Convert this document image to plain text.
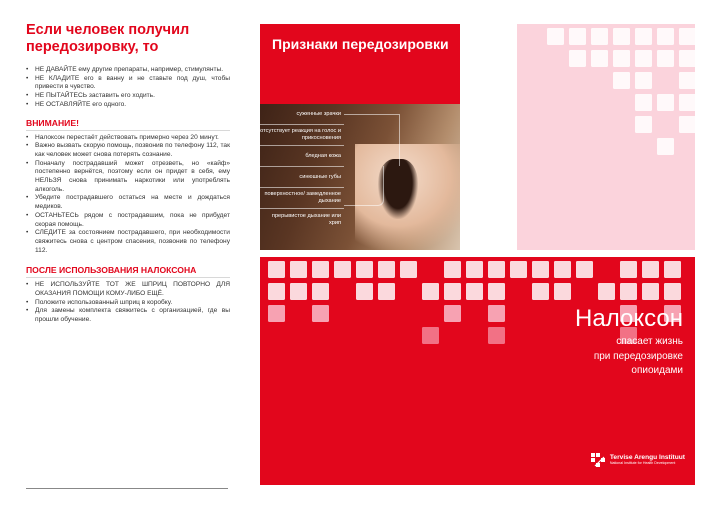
Если человек получил передозировку, то
• НЕ ДАВАЙТЕ ему другие препараты, например, стимулянты.
• НЕ КЛАДИТЕ его в ванну и не ставьте под душ, чтобы привести в чувство.
• НЕ ПЫТАЙТЕСЬ заставить его ходить.
• НЕ ОСТАВЛЯЙТЕ его одного.
ВНИМАНИЕ!
• Налоксон перестаёт действовать примерно через 20 минут.
• Важно вызвать скорую помощь, позвонив по телефону 112, так как человек может снова потерять сознание.
• Поначалу пострадавший может отрезветь, но «кайф» постепенно вернётся, поэтому если он придет в себя, ему НЕЛЬЗЯ снова принимать наркотики или употреблять алкоголь.
• Убедите пострадавшего остаться на месте и дождаться медиков.
• ОСТАНЬТЕСЬ рядом с пострадавшим, пока не прибудет скорая помощь.
• СЛЕДИТЕ за состоянием пострадавшего, при необходимости свяжитесь снова с центром спасения, позвонив по телефону 112.
ПОСЛЕ ИСПОЛЬЗОВАНИЯ НАЛОКСОНА
• НЕ ИСПОЛЬЗУЙТЕ ТОТ ЖЕ ШПРИЦ ПОВТОРНО ДЛЯ ОКАЗАНИЯ ПОМОЩИ КОМУ-ЛИБО ЕЩЁ.
• Положите использованный шприц в коробку.
• Для замены комплекта свяжитесь с организацией, где вы прошли обучение.
Признаки передозировки
суженные зрачки
отсутствует реакция на голос и прикосновения
бледная кожа
синюшные губы
поверхностное/ замедленное дыхание
прерывистое дыхание или хрип
Налоксон
спасает жизнь
при передозировке
опиоидами
Tervise Arengu Instituut
National Institute for Health Development
